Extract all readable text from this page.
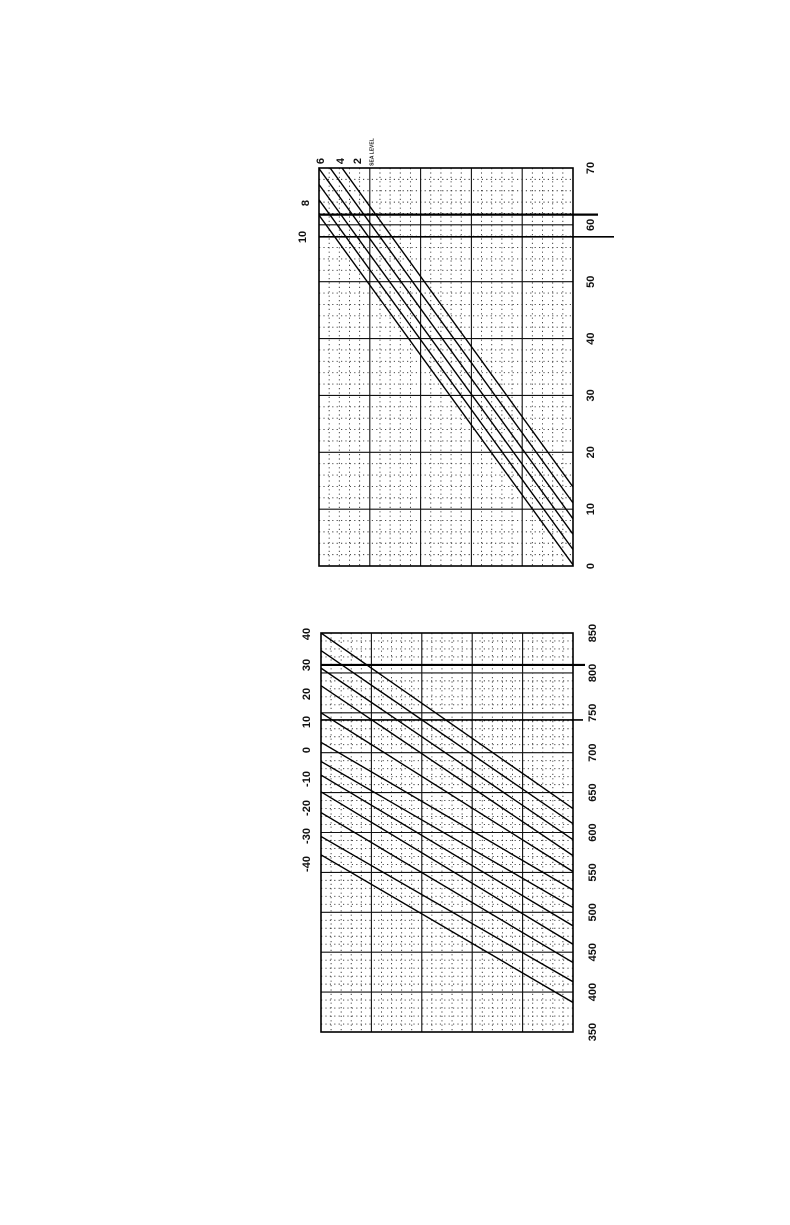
0
10
20
30
40
50
60
70
6 4 2 SEA LEVEL
8
10
350
400
450
500
550
600
650
700
750
800
850
40
30
20
10
0
-10
-20
-30
-40
